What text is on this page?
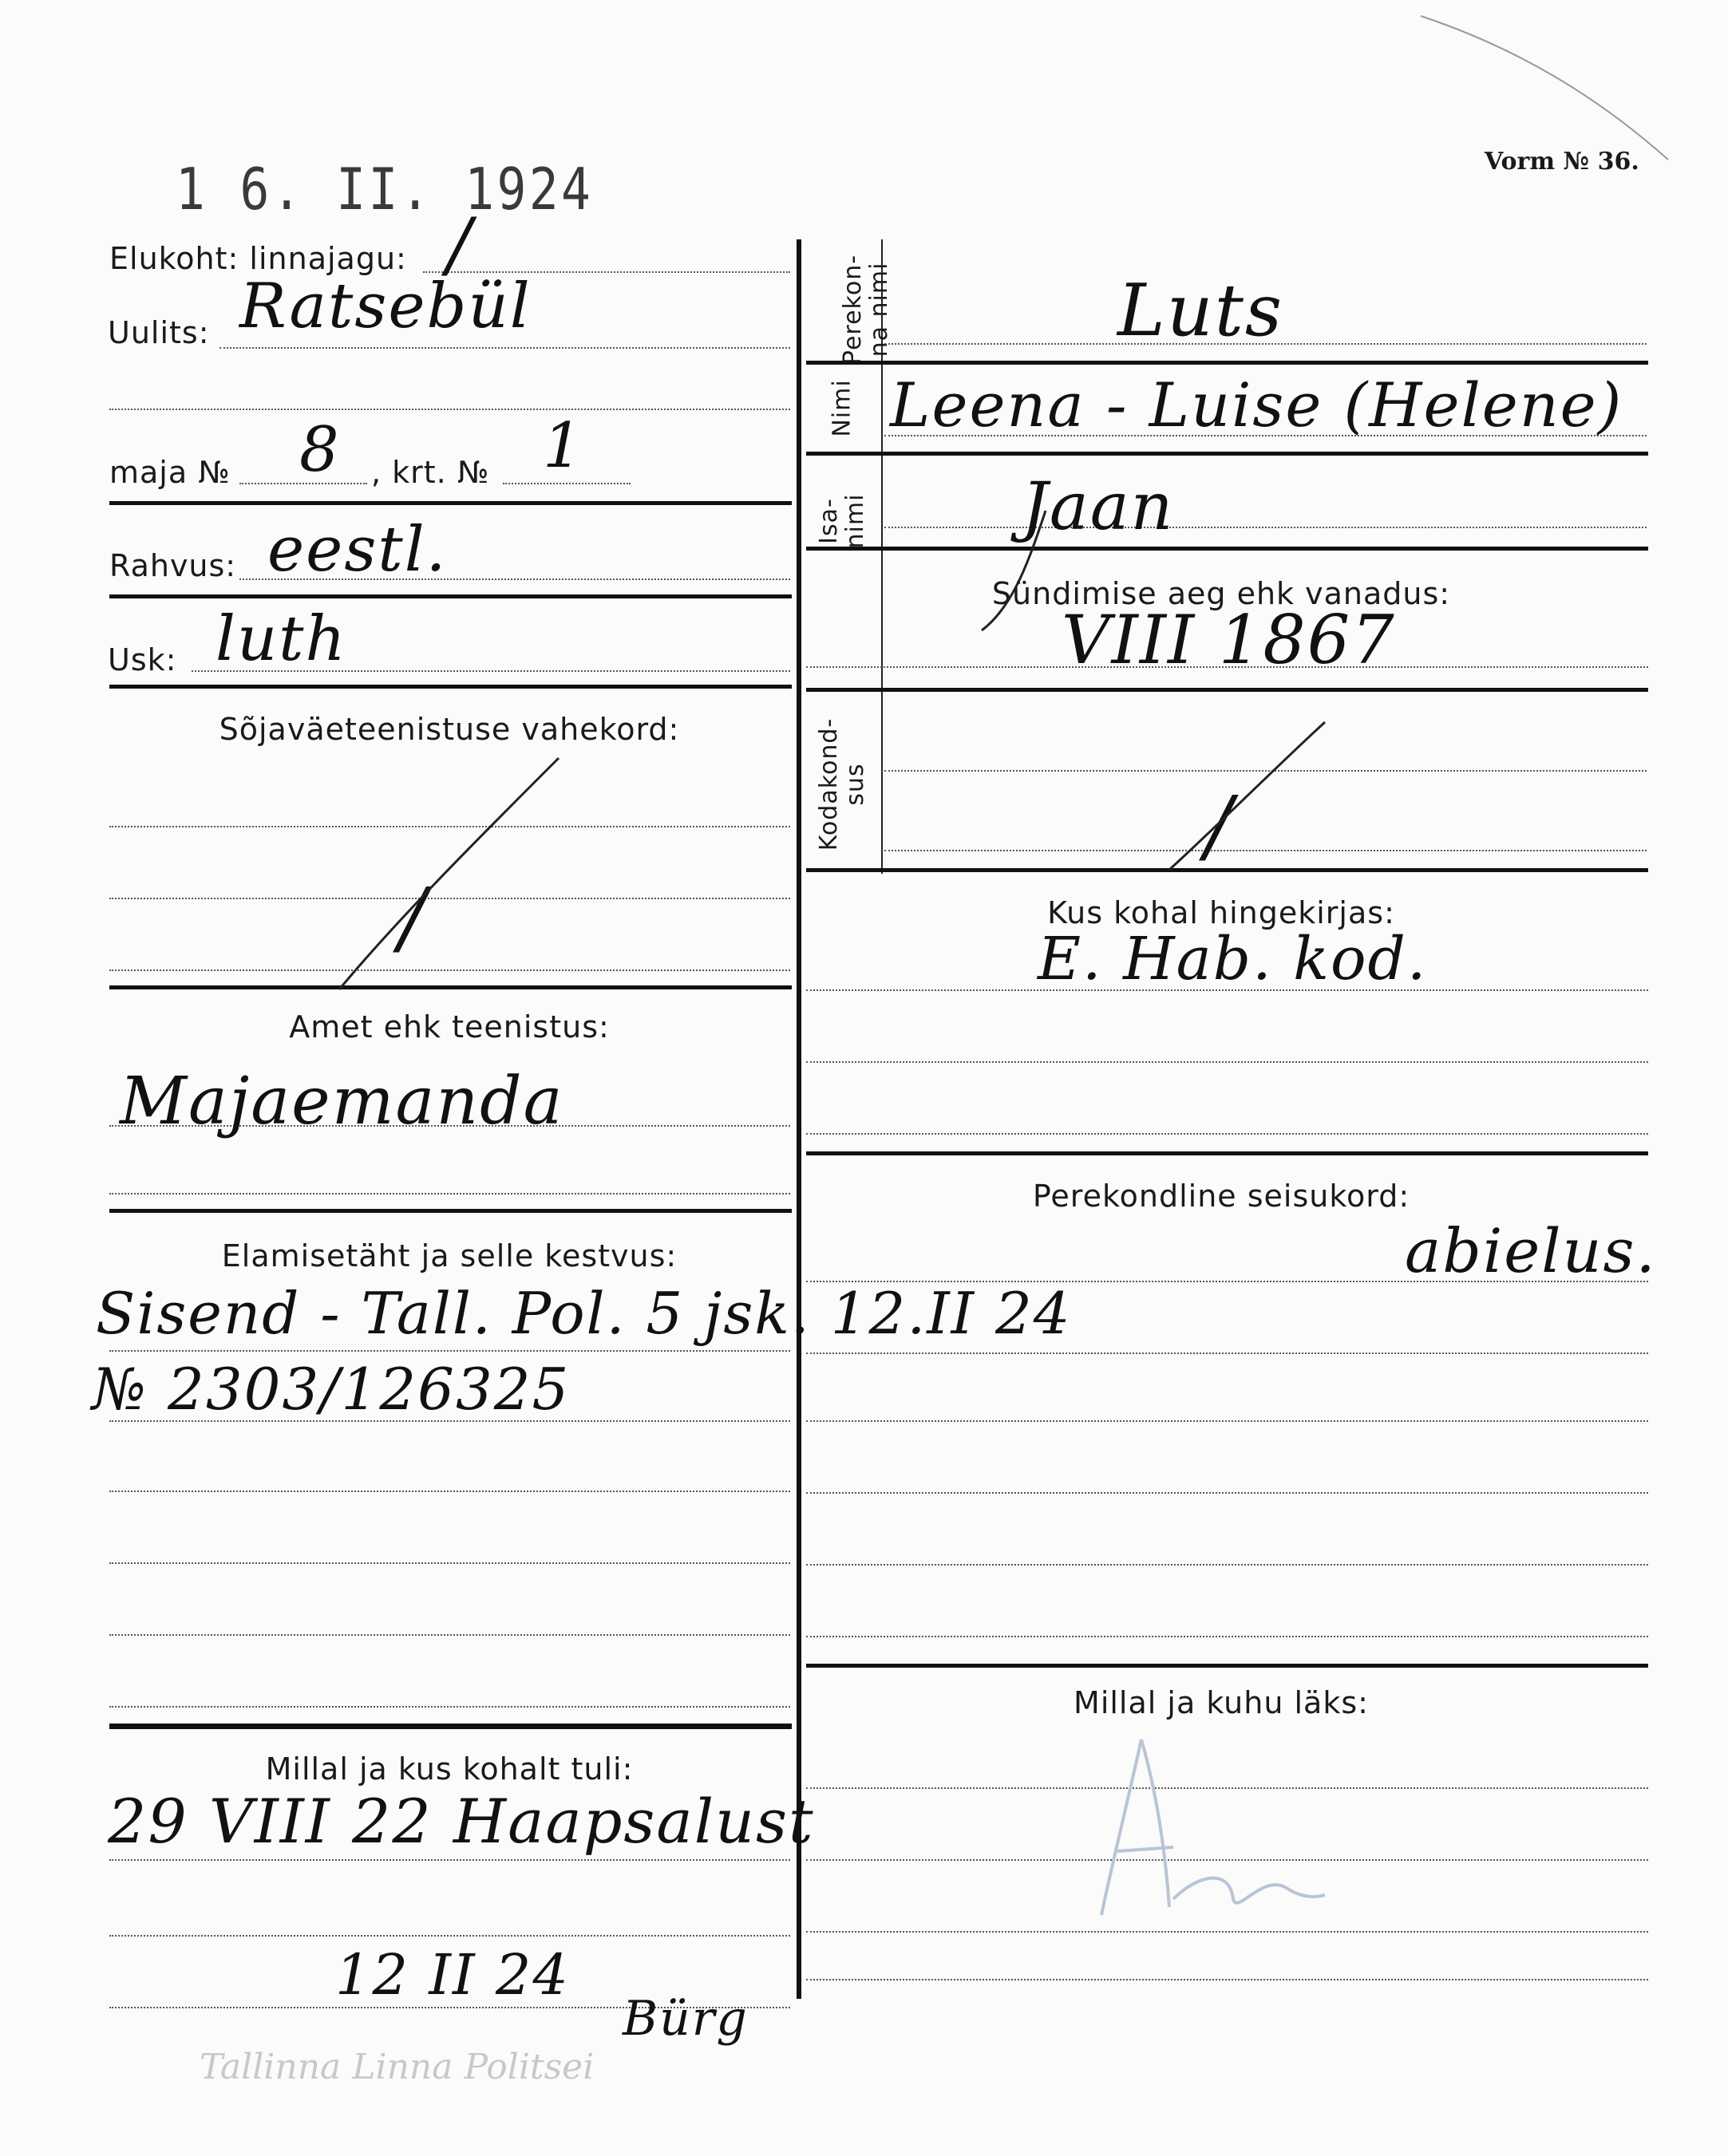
1 6. II. 1924	Vorm № 36.
Elukoht: linnajagu: /
Uulits: Ratsebül
maja № 8 , krt. № 1
Rahvus: eestl.
Usk: luth
Sõjaväeteenistuse vahekord:
/
Amet ehk teenistus:
Majaemanda
Elamisetäht ja selle kestvus:
Sisend - Tall. Pol. 5 jsk. 12.II 24
№ 2303/126325
Millal ja kus kohalt tuli:
29 VIII 22 Haapsalust
12 II 24
Bürg
Tallinna Linna Politsei
Perekon-
na nimi	Luts
Nimi Leena - Luise (Helene)
Isa-
nimi Jaan
Sündimise aeg ehk vanadus:
VIII 1867
Kodakond-
sus	/
Kus kohal hingekirjas:
E. Hab. kod.
Perekondline seisukord:
abielus.
Millal ja kuhu läks:
